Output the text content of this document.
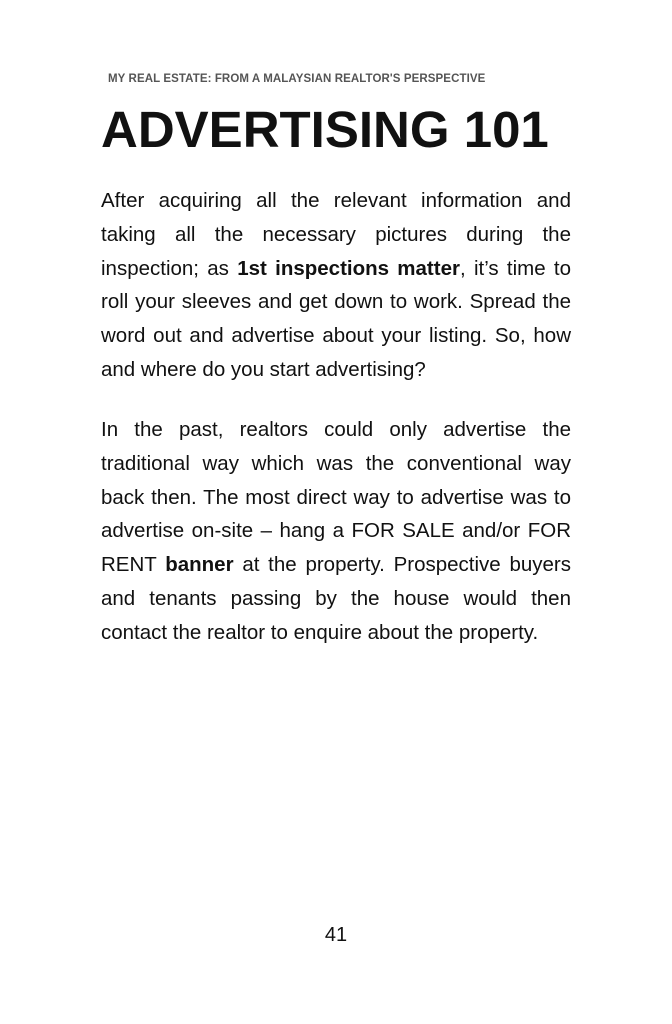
MY REAL ESTATE: FROM A MALAYSIAN REALTOR'S PERSPECTIVE
ADVERTISING 101

After acquiring all the relevant information and taking all the necessary pictures during the inspection; as 1st inspections matter, it’s time to roll your sleeves and get down to work. Spread the word out and advertise about your listing. So, how and where do you start advertising?

In the past, realtors could only advertise the traditional way which was the conventional way back then. The most direct way to advertise was to advertise on-site – hang a FOR SALE and/or FOR RENT banner at the property. Prospective buyers and tenants passing by the house would then contact the realtor to enquire about the property.

41
